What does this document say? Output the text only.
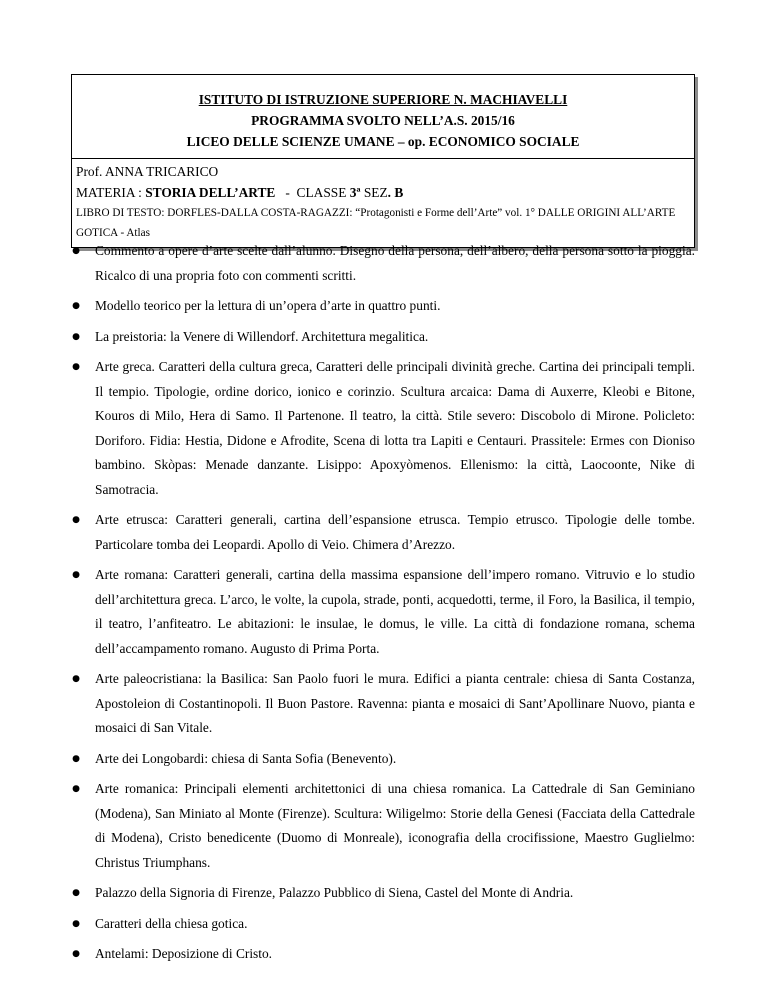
ISTITUTO DI ISTRUZIONE SUPERIORE N. MACHIAVELLI
PROGRAMMA SVOLTO NELL’A.S. 2015/16
LICEO DELLE SCIENZE UMANE – op. ECONOMICO SOCIALE
Prof. ANNA TRICARICO
MATERIA : STORIA DELL’ARTE   -  CLASSE 3ª SEZ. B
LIBRO DI TESTO: DORFLES-DALLA COSTA-RAGAZZI: “Protagonisti e Forme dell’Arte” vol. 1° DALLE ORIGINI ALL’ARTE GOTICA - Atlas
● Commento a opere d’arte scelte dall’alunno. Disegno della persona, dell’albero, della persona sotto la pioggia. Ricalco di una propria foto con commenti scritti.
● Modello teorico per la lettura di un’opera d’arte in quattro punti.
● La preistoria: la Venere di Willendorf. Architettura megalitica.
● Arte greca. Caratteri della cultura greca, Caratteri delle principali divinità greche. Cartina dei principali templi. Il tempio. Tipologie, ordine dorico, ionico e corinzio. Scultura arcaica: Dama di Auxerre, Kleobi e Bitone, Kouros di Milo, Hera di Samo. Il Partenone. Il teatro, la città. Stile severo: Discobolo di Mirone. Policleto: Doriforo. Fidia: Hestia, Didone e Afrodite, Scena di lotta tra Lapiti e Centauri. Prassitele: Ermes con Dioniso bambino. Skòpas: Menade danzante. Lisippo: Apoxyòmenos. Ellenismo: la città, Laocoonte, Nike di Samotracia.
● Arte etrusca: Caratteri generali, cartina dell’espansione etrusca. Tempio etrusco. Tipologie delle tombe. Particolare tomba dei Leopardi. Apollo di Veio. Chimera d’Arezzo.
● Arte romana: Caratteri generali, cartina della massima espansione dell’impero romano. Vitruvio e lo studio dell’architettura greca. L’arco, le volte, la cupola, strade, ponti, acquedotti, terme, il Foro, la Basilica, il tempio, il teatro, l’anfiteatro. Le abitazioni: le insulae, le domus, le ville. La città di fondazione romana, schema dell’accampamento romano. Augusto di Prima Porta.
● Arte paleocristiana: la Basilica: San Paolo fuori le mura. Edifici a pianta centrale: chiesa di Santa Costanza, Apostoleion di Costantinopoli. Il Buon Pastore. Ravenna: pianta e mosaici di Sant’Apollinare Nuovo, pianta e mosaici di San Vitale.
● Arte dei Longobardi: chiesa di Santa Sofia (Benevento).
● Arte romanica: Principali elementi architettonici di una chiesa romanica. La Cattedrale di San Geminiano (Modena), San Miniato al Monte (Firenze). Scultura: Wiligelmo: Storie della Genesi (Facciata della Cattedrale di Modena), Cristo benedicente (Duomo di Monreale), iconografia della crocifissione, Maestro Guglielmo: Christus Triumphans.
● Palazzo della Signoria di Firenze, Palazzo Pubblico di Siena, Castel del Monte di Andria.
● Caratteri della chiesa gotica.
● Antelami: Deposizione di Cristo.
